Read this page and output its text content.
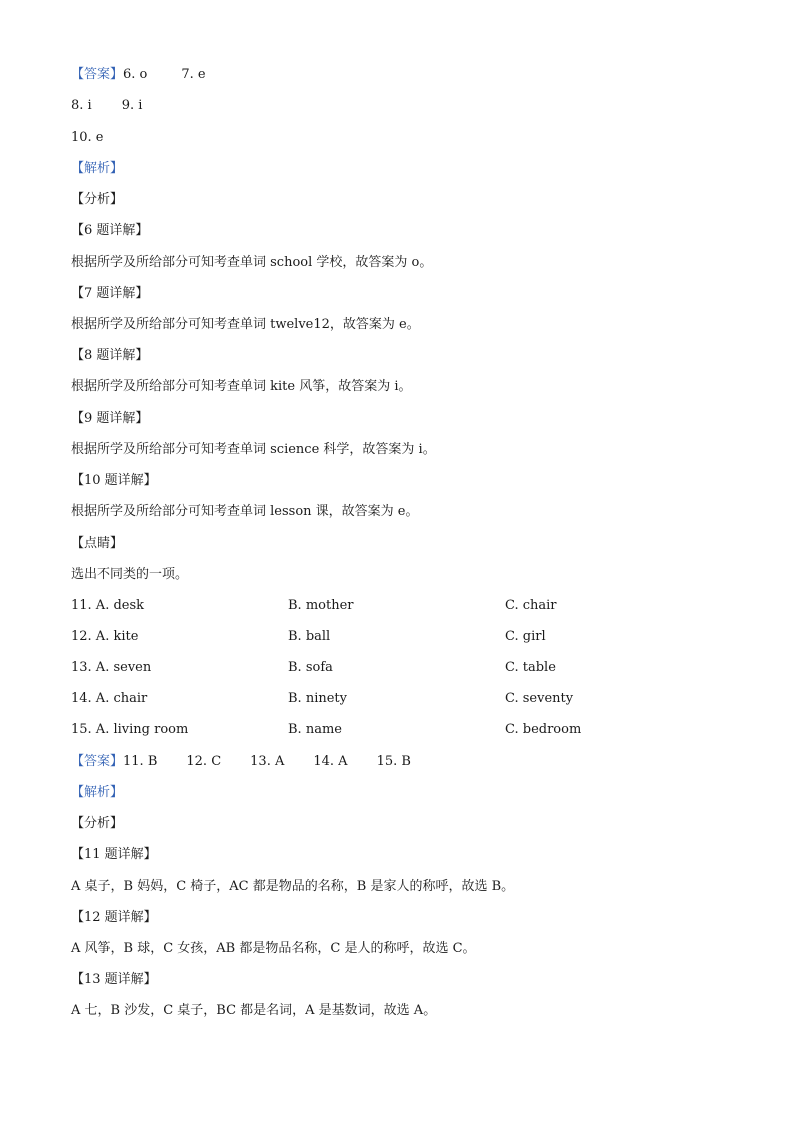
【答案】6. o	7. e
8. i 9. i
10. e
【解析】
【分析】
【6 题详解】
根据所学及所给部分可知考查单词 school 学校，故答案为 o。
【7 题详解】
根据所学及所给部分可知考查单词 twelve12，故答案为 e。
【8 题详解】
根据所学及所给部分可知考查单词 kite 风筝，故答案为 i。
【9 题详解】
根据所学及所给部分可知考查单词 science 科学，故答案为 i。
【10 题详解】
根据所学及所给部分可知考查单词 lesson 课，故答案为 e。
【点睛】
选出不同类的一项。
11. A. desk	B. mother	C. chair
12. A. kite	B. ball	C. girl
13. A. seven	B. sofa	C. table
14. A. chair	B. ninety	C. seventy
15. A. living room	B. name	C. bedroom
【答案】11. B 12. C 13. A 14. A 15. B
【解析】
【分析】
【11 题详解】
A 桌子，B 妈妈，C 椅子，AC 都是物品的名称，B 是家人的称呼，故选 B。
【12 题详解】
A 风筝，B 球，C 女孩，AB 都是物品名称，C 是人的称呼，故选 C。
【13 题详解】
A 七，B 沙发，C 桌子，BC 都是名词，A 是基数词，故选 A。
